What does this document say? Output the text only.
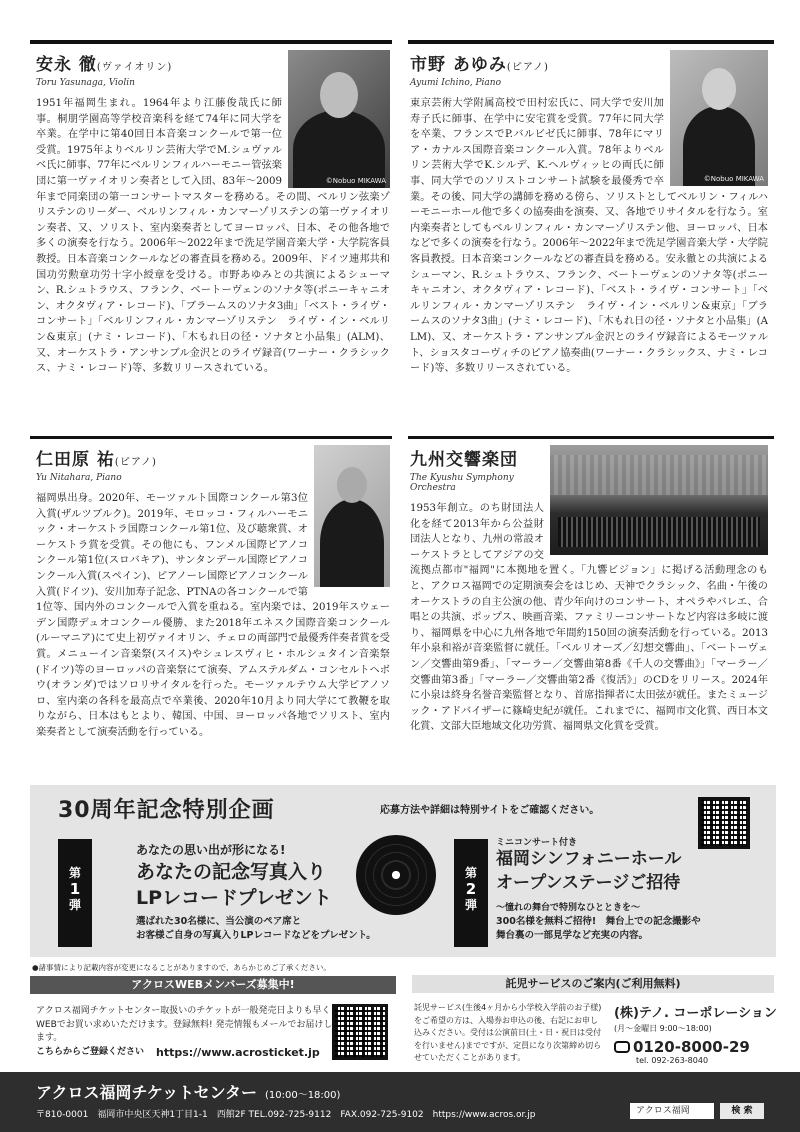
©Nobuo MIKAWA
安永 徹(ヴァイオリン)
Toru Yasunaga, Violin
1951年福岡生まれ。1964年より江藤俊哉氏に師事。桐朋学園高等学校音楽科を経て74年に同大学を卒業。在学中に第40回日本音楽コンクールで第一位受賞。1975年よりベルリン芸術大学でM.シュヴァルベ氏に師事、77年にベルリンフィルハーモニー管弦楽団に第一ヴァイオリン奏者として入団、83年～2009年まで同楽団の第一コンサートマスターを務める。その間、ベルリン弦楽ゾリステンのリーダー、ベルリンフィル・カンマーゾリステンの第一ヴァイオリン奏者、又、ソリスト、室内楽奏者としてヨーロッパ、日本、その他各地で多くの演奏を行なう。2006年～2022年まで洗足学園音楽大学・大学院客員教授。日本音楽コンクールなどの審査員を務める。2009年、ドイツ連邦共和国功労勲章功労十字小綬章を受ける。市野あゆみとの共演によるシューマン、R.シュトラウス、フランク、ベートーヴェンのソナタ等(ポニーキャニオン、オクタヴィア・レコード)、「ブラームスのソナタ3曲」「ベスト・ライヴ・コンサート」「ベルリンフィル・カンマーゾリステン　ライヴ・イン・ベルリン&東京」(ナミ・レコード)、「木もれ日の径・ソナタと小品集」(ALM)、又、オーケストラ・アンサンブル金沢とのライヴ録音(ワーナー・クラシックス、ナミ・レコード)等、多数リリースされている。
©Nobuo MIKAWA
市野 あゆみ(ピアノ)
Ayumi Ichino, Piano
東京芸術大学附属高校で田村宏氏に、同大学で安川加寿子氏に師事、在学中に安宅賞を受賞。77年に同大学を卒業、フランスでP.バルビゼ氏に師事、78年にマリア・カナルス国際音楽コンクール入賞。78年よりベルリン芸術大学でK.シルデ、K.ヘルヴィッヒの両氏に師事、同大学でのソリストコンサート試験を最優秀で卒業。その後、同大学の講師を務める傍ら、ソリストとしてベルリン・フィルハーモニーホール他で多くの協奏曲を演奏、又、各地でリサイタルを行なう。室内楽奏者としてもベルリンフィル・カンマーゾリステン他、ヨーロッパ、日本などで多くの演奏を行なう。2006年～2022年まで洗足学園音楽大学・大学院客員教授。日本音楽コンクールなどの審査員を務める。安永徹との共演によるシューマン、R.シュトラウス、フランク、ベートーヴェンのソナタ等(ポニーキャニオン、オクタヴィア・レコード)、「ベスト・ライヴ・コンサート」「ベルリンフィル・カンマーゾリステン　ライヴ・イン・ベルリン&東京」「ブラームスのソナタ3曲」(ナミ・レコード)、「木もれ日の径・ソナタと小品集」(ALM)、又、オーケストラ・アンサンブル金沢とのライヴ録音によるモーツァルト、ショスタコーヴィチのピアノ協奏曲(ワーナー・クラシックス、ナミ・レコード)等、多数リリースされている。
仁田原 祐(ピアノ)
Yu Nitahara, Piano
福岡県出身。2020年、モーツァルト国際コンクール第3位入賞(ザルツブルク)。2019年、モロッコ・フィルハーモニック・オーケストラ国際コンクール第1位、及び聴衆賞、オーケストラ賞を受賞。その他にも、フンメル国際ピアノコンクール第1位(スロバキア)、サンタンデール国際ピアノコンクール入賞(スペイン)、ピアノーレ国際ピアノコンクール入賞(ドイツ)、安川加寿子記念、PTNAの各コンクールで第1位等、国内外のコンクールで入賞を重ねる。室内楽では、2019年スウェーデン国際デュオコンクール優勝、また2018年エネスク国際音楽コンクール(ルーマニア)にて史上初ヴァイオリン、チェロの両部門で最優秀伴奏者賞を受賞。メニューイン音楽祭(スイス)やシュレスヴィヒ・ホルシュタイン音楽祭(ドイツ)等のヨーロッパの音楽祭にて演奏、アムステルダム・コンセルトヘボウ(オランダ)ではソロリサイタルを行った。モーツァルテウム大学ピアノソロ、室内楽の各科を最高点で卒業後、2020年10月より同大学にて教鞭を取りながら、日本はもとより、韓国、中国、ヨーロッパ各地でソリスト、室内楽奏者として演奏活動を行っている。
九州交響楽団
The Kyushu Symphony Orchestra
1953年創立。のち財団法人化を経て2013年から公益財団法人となり、九州の常設オーケストラとしてアジアの交流拠点都市"福岡"に本拠地を置く。「九響ビジョン」に掲げる活動理念のもと、アクロス福岡での定期演奏会をはじめ、天神でクラシック、名曲・午後のオーケストラの自主公演の他、青少年向けのコンサート、オペラやバレエ、合唱との共演、ポップス、映画音楽、ファミリーコンサートなど内容は多岐に渡り、福岡県を中心に九州各地で年間約150回の演奏活動を行っている。2013年小泉和裕が音楽監督に就任。「ベルリオーズ／幻想交響曲」、「ベートーヴェン／交響曲第9番」、「マーラー／交響曲第8番《千人の交響曲》」「マーラー／交響曲第3番」「マーラー／交響曲第2番《復活》」のCDをリリース。2024年に小泉は終身名誉音楽監督となり、首席指揮者に太田弦が就任。またミュージック・アドバイザーに篠崎史紀が就任。これまでに、福岡市文化賞、西日本文化賞、文部大臣地域文化功労賞、福岡県文化賞を受賞。
30周年記念特別企画	応募方法や詳細は特別サイトをご確認ください。
第
1
弾
あなたの思い出が形になる!
あなたの記念写真入り
LPレコードプレゼント
選ばれた30名様に、当公演のペア席と
お客様ご自身の写真入りLPレコードなどをプレゼント。
第
2
弾
ミニコンサート付き
福岡シンフォニーホール
オープンステージご招待
～憧れの舞台で特別なひとときを～
300名様を無料ご招待!　舞台上での記念撮影や
舞台裏の一部見学など充実の内容。
●諸事情により記載内容が変更になることがありますので、あらかじめご了承ください。
アクロスWEBメンバーズ募集中!
アクロス福岡チケットセンター取扱いのチケットが一般発売日よりも早くWEBでお買い求めいただけます。登録無料! 発売情報もメールでお届けします。
こちらからご登録ください	https://www.acrosticket.jp
託児サービスのご案内(ご利用無料)
託児サービス(生後4ヶ月から小学校入学前のお子様)をご希望の方は、入場券お申込の後、右記にお申し込みください。受付は公演前日(土・日・祝日は受付を行いません)までですが、定員になり次第締め切らせていただくことがあります。
(株)テノ. コーポレーション
(月～金曜日 9:00～18:00)
0120-8000-29
tel. 092-263-8040
アクロス福岡チケットセンター (10:00～18:00)
〒810-0001　福岡市中央区天神1丁目1-1　西館2F TEL.092-725-9112　FAX.092-725-9102　https://www.acros.or.jp
アクロス福岡	検 索
